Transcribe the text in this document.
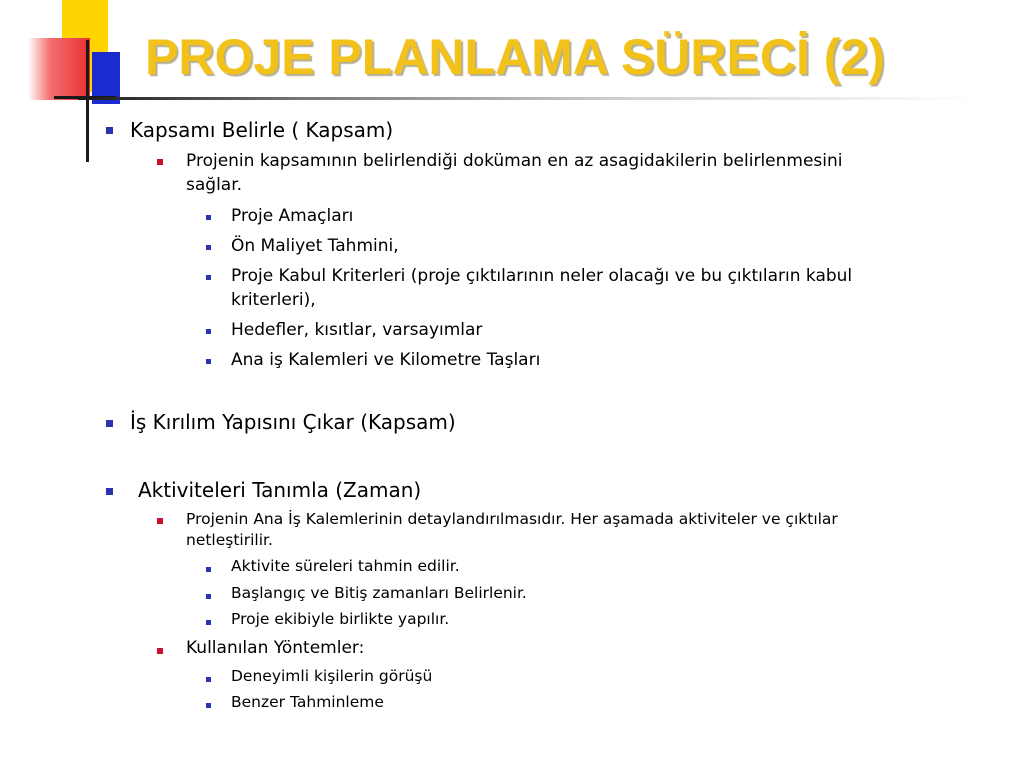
PROJE PLANLAMA SÜRECİ (2)
Kapsamı Belirle ( Kapsam)
Projenin kapsamının belirlendiği doküman en az asagidakilerin belirlenmesini
sağlar.
Proje Amaçları
Ön Maliyet Tahmini,
Proje Kabul Kriterleri (proje çıktılarının neler olacağı ve bu çıktıların kabul
kriterleri),
Hedefler, kısıtlar, varsayımlar
Ana iş Kalemleri ve Kilometre Taşları
İş Kırılım Yapısını Çıkar (Kapsam)
Aktiviteleri Tanımla (Zaman)
Projenin Ana İş Kalemlerinin detaylandırılmasıdır. Her aşamada aktiviteler ve çıktılar
netleştirilir.
Aktivite süreleri tahmin edilir.
Başlangıç ve Bitiş zamanları Belirlenir.
Proje ekibiyle birlikte yapılır.
Kullanılan Yöntemler:
Deneyimli kişilerin görüşü
Benzer Tahminleme
